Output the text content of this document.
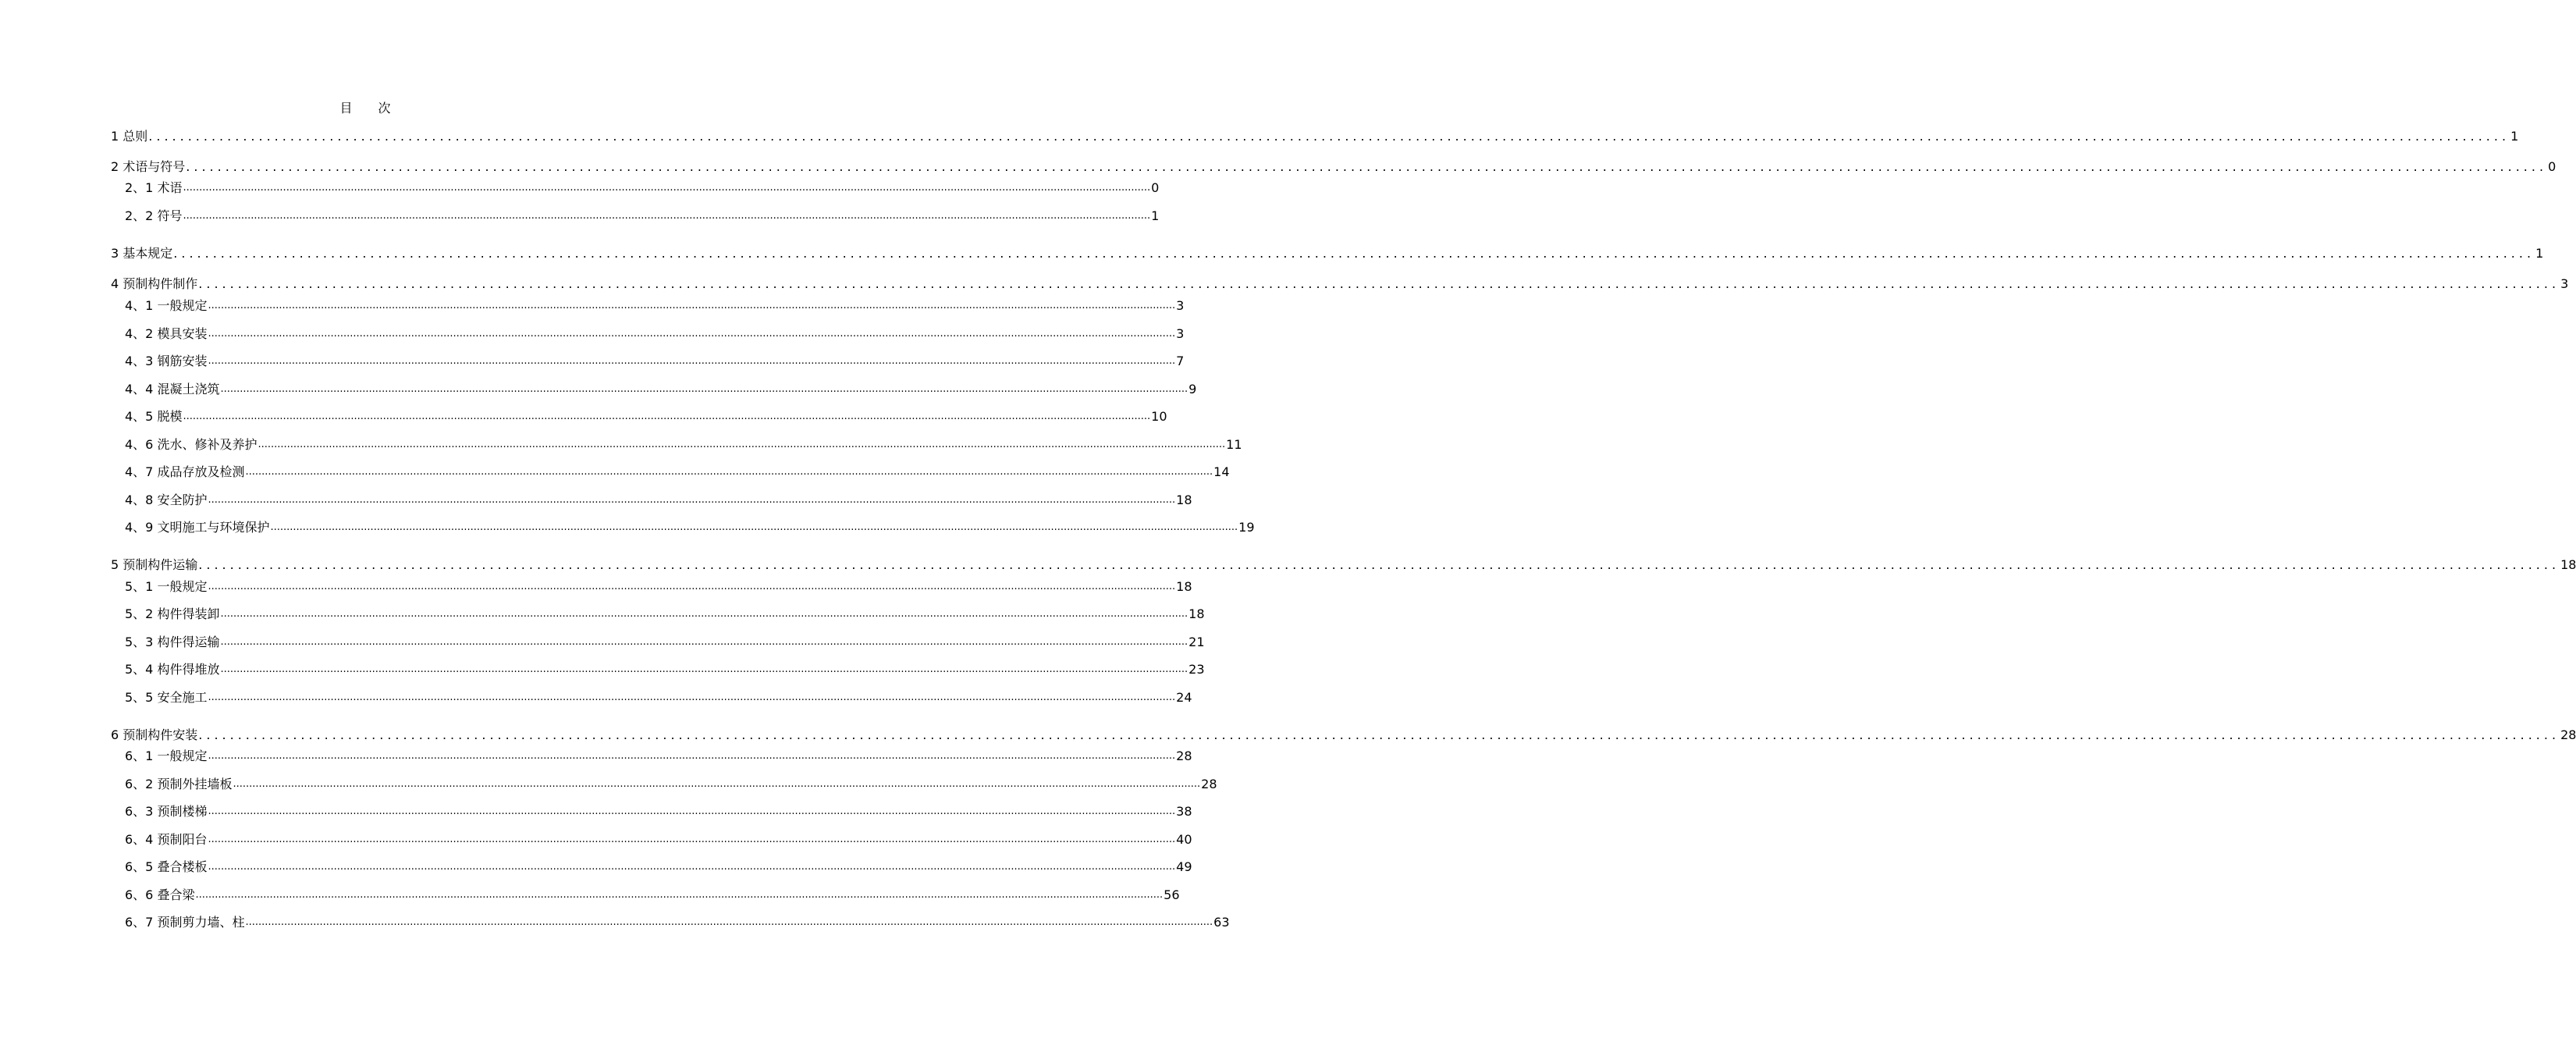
目 次
1 总则 ............................................................................................................................................................................................................................................................................................................ 1
2 术语与符号 ............................................................................................................................................................................................................................................................................................................ 0
2、1 术语 ............................................................................................................................................................................................................................................................................................................ 0
2、2 符号 ............................................................................................................................................................................................................................................................................................................ 1
3 基本规定 ............................................................................................................................................................................................................................................................................................................ 1
4 预制构件制作 ............................................................................................................................................................................................................................................................................................................ 3
4、1 一般规定 ............................................................................................................................................................................................................................................................................................................ 3
4、2 模具安装 ............................................................................................................................................................................................................................................................................................................ 3
4、3 钢筋安装 ............................................................................................................................................................................................................................................................................................................ 7
4、4 混凝土浇筑 ............................................................................................................................................................................................................................................................................................................ 9
4、5 脱模 ............................................................................................................................................................................................................................................................................................................ 10
4、6 洗水、修补及养护 ............................................................................................................................................................................................................................................................................................................ 11
4、7 成品存放及检测 ............................................................................................................................................................................................................................................................................................................ 14
4、8 安全防护 ............................................................................................................................................................................................................................................................................................................ 18
4、9 文明施工与环境保护 ............................................................................................................................................................................................................................................................................................................ 19
5 预制构件运输 ............................................................................................................................................................................................................................................................................................................ 18
5、1 一般规定 ............................................................................................................................................................................................................................................................................................................ 18
5、2 构件得装卸 ............................................................................................................................................................................................................................................................................................................ 18
5、3 构件得运输 ............................................................................................................................................................................................................................................................................................................ 21
5、4 构件得堆放 ............................................................................................................................................................................................................................................................................................................ 23
5、5 安全施工 ............................................................................................................................................................................................................................................................................................................ 24
6 预制构件安装 ............................................................................................................................................................................................................................................................................................................ 28
6、1 一般规定 ............................................................................................................................................................................................................................................................................................................ 28
6、2 预制外挂墙板 ............................................................................................................................................................................................................................................................................................................ 28
6、3 预制楼梯 ............................................................................................................................................................................................................................................................................................................ 38
6、4 预制阳台 ............................................................................................................................................................................................................................................................................................................ 40
6、5 叠合楼板 ............................................................................................................................................................................................................................................................................................................ 49
6、6 叠合梁 ............................................................................................................................................................................................................................................................................................................ 56
6、7 预制剪力墙、柱 ............................................................................................................................................................................................................................................................................................................ 63
